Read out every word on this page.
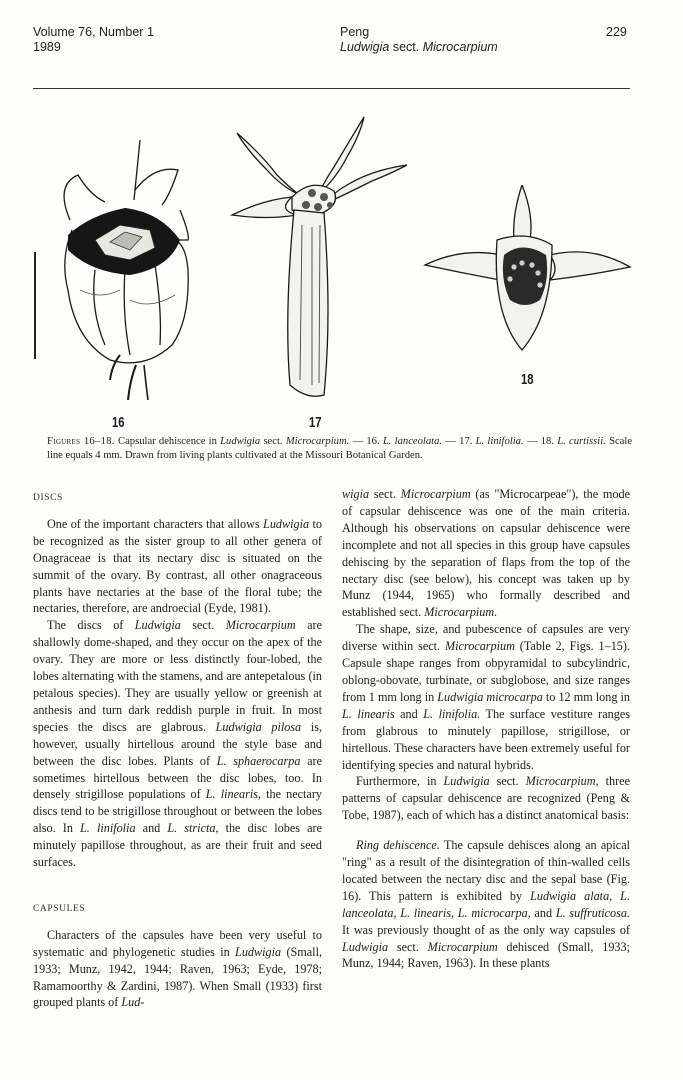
Volume 76, Number 1
1989
Peng
Ludwigia sect. Microcarpium
229
16	17
18
Figures 16–18. Capsular dehiscence in Ludwigia sect. Microcarpium. — 16. L. lanceolata. — 17. L. linifolia. — 18. L. curtissii. Scale line equals 4 mm. Drawn from living plants cultivated at the Missouri Botanical Garden.
DISCS

One of the important characters that allows Ludwigia to be recognized as the sister group to all other genera of Onagraceae is that its nectary disc is situated on the summit of the ovary. By contrast, all other onagraceous plants have nectaries at the base of the floral tube; the nectaries, therefore, are androecial (Eyde, 1981).

The discs of Ludwigia sect. Microcarpium are shallowly dome-shaped, and they occur on the apex of the ovary. They are more or less distinctly four-lobed, the lobes alternating with the stamens, and are antepetalous (in petalous species). They are usually yellow or greenish at anthesis and turn dark reddish purple in fruit. In most species the discs are glabrous. Ludwigia pilosa is, however, usually hirtellous around the style base and between the disc lobes. Plants of L. sphaerocarpa are sometimes hirtellous between the disc lobes, too. In densely strigillose populations of L. linearis, the nectary discs tend to be strigillose throughout or between the lobes also. In L. linifolia and L. stricta, the disc lobes are minutely papillose throughout, as are their fruit and seed surfaces.

CAPSULES

Characters of the capsules have been very useful to systematic and phylogenetic studies in Ludwigia (Small, 1933; Munz, 1942, 1944; Raven, 1963; Eyde, 1978; Ramamoorthy & Zardini, 1987). When Small (1933) first grouped plants of Lud-

wigia sect. Microcarpium (as "Microcarpeae"), the mode of capsular dehiscence was one of the main criteria. Although his observations on capsular dehiscence were incomplete and not all species in this group have capsules dehiscing by the separation of flaps from the top of the nectary disc (see below), his concept was taken up by Munz (1944, 1965) who formally described and established sect. Microcarpium.

The shape, size, and pubescence of capsules are very diverse within sect. Microcarpium (Table 2, Figs. 1–15). Capsule shape ranges from obpyramidal to subcylindric, oblong-obovate, turbinate, or subglobose, and size ranges from 1 mm long in Ludwigia microcarpa to 12 mm long in L. linearis and L. linifolia. The surface vestiture ranges from glabrous to minutely papillose, strigillose, or hirtellous. These characters have been extremely useful for identifying species and natural hybrids.

Furthermore, in Ludwigia sect. Microcarpium, three patterns of capsular dehiscence are recognized (Peng & Tobe, 1987), each of which has a distinct anatomical basis:

Ring dehiscence. The capsule dehisces along an apical "ring" as a result of the disintegration of thin-walled cells located between the nectary disc and the sepal base (Fig. 16). This pattern is exhibited by Ludwigia alata, L. lanceolata, L. linearis, L. microcarpa, and L. suffruticosa. It was previously thought of as the only way capsules of Ludwigia sect. Microcarpium dehisced (Small, 1933; Munz, 1944; Raven, 1963). In these plants
